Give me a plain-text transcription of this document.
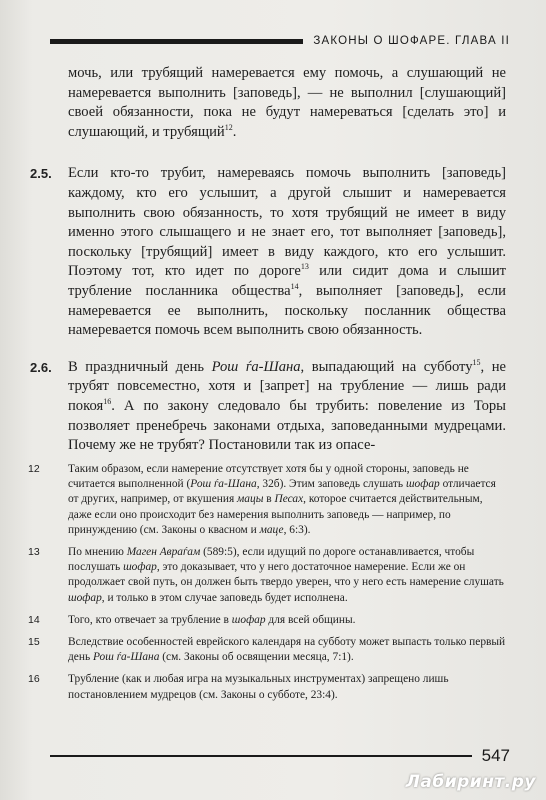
ЗАКОНЫ О ШОФАРЕ. ГЛАВА II

мочь, или трубящий намеревается ему помочь, а слушающий не намеревается выполнить [заповедь], — не выполнил [слушающий] своей обязанности, пока не будут намереваться [сделать это] и слушающий, и трубящий$^{12}$.

2.5. Если кто-то трубит, намереваясь помочь выполнить [заповедь] каждому, кто его услышит, а другой слышит и намеревается выполнить свою обязанность, то хотя трубящий не имеет в виду именно этого слышащего и не знает его, тот выполняет [заповедь], поскольку [трубящий] имеет в виду каждого, кто его услышит. Поэтому тот, кто идет по дороге$^{13}$ или сидит дома и слышит трубление посланника общества$^{14}$, выполняет [заповедь], если намеревается ее выполнить, поскольку посланник общества намеревается помочь всем выполнить свою обязанность.

2.6. В праздничный день Рош ѓа-Шана, выпадающий на субботу$^{15}$, не трубят повсеместно, хотя и [запрет] на трубление — лишь ради покоя$^{16}$. А по закону следовало бы трубить: повеление из Торы позволяет пренебречь законами отдыха, заповеданными мудрецами. Почему же не трубят? Постановили так из опасе-

12 Таким образом, если намерение отсутствует хотя бы у одной стороны, заповедь не считается выполненной (Рош ѓа-Шана, 32б). Этим заповедь слушать шофар отличается от других, например, от вкушения мацы в Песах, которое считается действительным, даже если оно происходит без намерения выполнить заповедь — например, по принуждению (см. Законы о квасном и маце, 6:3).

13 По мнению Маген Авраѓам (589:5), если идущий по дороге останавливается, чтобы послушать шофар, это доказывает, что у него достаточное намерение. Если же он продолжает свой путь, он должен быть твердо уверен, что у него есть намерение слушать шофар, и только в этом случае заповедь будет исполнена.

14 Того, кто отвечает за трубление в шофар для всей общины.

15 Вследствие особенностей еврейского календаря на субботу может выпасть только первый день Рош ѓа-Шана (см. Законы об освящении месяца, 7:1).

16 Трубление (как и любая игра на музыкальных инструментах) запрещено лишь постановлением мудрецов (см. Законы о субботе, 23:4).

547
Лабиринт.ру
